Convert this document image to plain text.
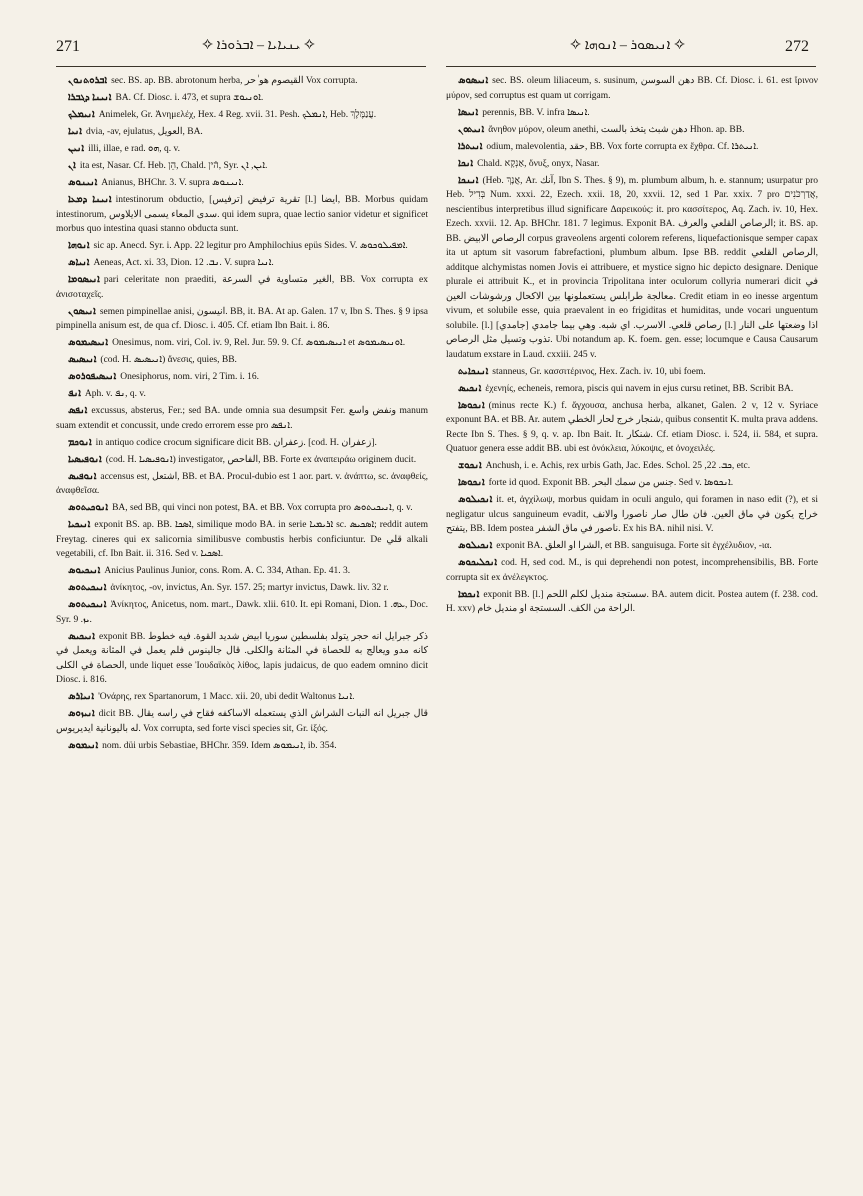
271	✧ ܝܢܝܐܝܐ – ܐܒܪܘܪܐ ✧	✧ ܐܢܝܣܘܪ – ܐܢܘܗܐ ✧	272

ܐܒܪܘܬܢܘܢ sec. BS. ap. BB. abrotonum herba, القيصوم هو ٰحر Vox corrupta.

ܐܢܝܢܐ ܕܓܒܪܐ BA. Cf. Diosc. i. 473, et supra ܐܘܢܝܘܫ.

ܐܢܝܡܠܟ Animelek, Gr. Ἀνημελέχ, Hex. 4 Reg. xvii. 31. Pesh. ܐܢܡܠܟ, Heb. עֲנַמֶּלֶךְ.

ܐܢܝܐ dvia, -av, ejulatus, العويل, BA.

ܐܢܝܢ illi, illae, e rad. ܗܘ, q. v.

ܐܢ ita est, Nasar. Cf. Heb. הֵן, Chald. הֿין, Syr. ܐܝܢ, ܐܢ.

ܐܢܝܢܘܣ Anianus, BHChr. 3. V. supra ܐܢܝܢܘܣ.

ܐܢܝܢܐ ܕܡܥܐ intestinorum obductio, تقرية ترفيض [ترفيس] [l.] ايضا, BB. Morbus quidam intestinorum, سدى المعاء يسمى الايلاوس. qui idem supra, quae lectio sanior videtur et significet morbus quo intestina quasi stanno obducta sunt.

ܐܢܘܗܐ sic ap. Anecd. Syr. i. App. 22 legitur pro Amphilochius epüs Sides. V. ܐܡܦܝܠܘܟܘܣ.

ܐܢܝܐܣ Aeneas, Act. xi. 33, Dion. ܢܒ. 12. V. supra ܐܢܝܐ.

ܐܢܝܣܘܡܐ pari celeritate non praediti, الغير متساوية في السرعة, BB. Vox corrupta ex ἀνισοταχεῖς.

ܐܢܝܣܘܢ semen pimpinellae anisi, انيسون. BB, it. BA. At ap. Galen. 17 v, Ibn S. Thes. § 9 ipsa pimpinella anisum est, de qua cf. Diosc. i. 405. Cf. etiam Ibn Bait. i. 86.

ܐܢܝܣܝܡܘܣ Onesimus, nom. viri, Col. iv. 9, Rel. Jur. 59. 9. Cf. ܐܢܝܣܝܡܘܣ et ܐܘܢܝܣܝܡܘܣ.

ܐܢܝܣܝܣ (cod. H. ܐܢܝܣܝܣ) ἄνεσις, quies, BB.

ܐܢܝܣܝܦܘܪܘܣ Onesiphorus, nom. viri, 2 Tim. i. 16.

ܐܢܦ Aph. v. ܢܦ, q. v.

ܐܢܦܣ excussus, absterus, Fer.; sed BA. unde omnia sua desumpsit Fer. ونفض واسع manum suam extendit et concussit, unde credo errorem esse pro ܐܢܦܣ.

ܐܢܘܟܡ in antiquo codice crocum significare dicit BB. زعفران. [cod. H. زعفران].

ܐܢܘܦܝܣܝܐ (cod. H. ܐܢܘܦܝܣܝܐ) investigator, الفاحص, BB. Forte ex ἀναπειράω originem ducit.

ܐܢܘܦܝܣ accensus est, اشتعل, BB. et BA. Procul-dubio est 1 aor. part. v. ἀνάπτω, sc. ἀναφθείς, ἀναφθεῖσα.

ܐܢܘܟܝܬܘܣ BA, sed BB, qui vinci non potest, BA. et BB. Vox corrupta pro ܐܢܝܟܝܬܘܣ, q. v.

ܐܢܝܟܝܐ exponit BS. ap. BB. ܐܣܟܐ, similique modo BA. in serie ܐܪܝܡܝܐ sc. ܐܣܟܝܣ; reddit autem Freytag. cineres qui ex salicornia similibusve combustis herbis conficiuntur. De قلي alkali vegetabili, cf. Ibn Bait. ii. 316. Sed v. ܐܣܟܝܐ.

ܐܢܝܟܝܘܣ Anicius Paulinus Junior, cons. Rom. A. C. 334, Athan. Ep. 41. 3.

ܐܢܝܟܝܬܘܣ ἀνίκητος, -ον, invictus, An. Syr. 157. 25; martyr invictus, Dawk. liv. 32 r.

ܐܢܝܟܝܬܘܣ Ἀνίκητος, Anicetus, nom. mart., Dawk. xlii. 610. It. epi Romani, Dion. ܥܗ. 1, Doc. Syr. ܝܙ. 9.

ܐܢܝܟܝܣ exponit BB. ذكر جبرايل انه حجر يتولد بفلسطين سوريا ابيض شديد القوة. فيه خطوط كانه مدو ويعالج به للحصاة في المثانة والكلى. قال جالينوس فلم يعمل في المثانة ويعمل في الحصاة في الكلى, unde liquet esse Ἰουδαϊκὸς λίθος, lapis judaicus, de quo eadem omnino dicit Diosc. i. 816.

ܐܢܝܐܪܣ 'Ονάρης, rex Spartanorum, 1 Macc. xii. 20, ubi dedit Waltonus ܐܢܝܐ.

ܐܢܝܙܘܣ dicit BB. قال جبريل انه النبات الشراش الذي يستعمله الاساكفه فقاح في راسه يقال له باليونانية ايديريوس. Vox corrupta, sed forte visci species sit, Gr. ἰξός.

ܐܢܝܡܘܣ nom. düi urbis Sebastiae, BHChr. 359. Idem ܐܢܝܡܘܣ, ib. 354.

ܐܢܝܣܘܣ sec. BS. oleum liliaceum, s. susinum, دهن السوسن BB. Cf. Diosc. i. 61. est ἴρινον μύρον, sed corruptus est quam ut corrigam.

ܐܢܝܣܐ perennis, BB. V. infra ܐܢܝܣܐ.

ܐܢܝܬܘܢ ἄνηθον μύρον, oleum anethi, دهن شبث يتخذ بالست Hhon. ap. BB.

ܐܢܝܬܪܐ odium, malevolentia, حقد, BB. Vox forte corrupta ex ἔχθρα. Cf. ܐܢܝܬܪܐ.

ܐܢܟܐ Chald. אַנְקָא, ὄνυξ, onyx, Nasar.

ܐܢܢܟܐ (Heb. אֲנָךְ, Ar. آنك, Ibn S. Thes. § 9), m. plumbum album, h. e. stannum; usurpatur pro Heb. בְּדִיל Num. xxxi. 22, Ezech. xxii. 18, 20, xxvii. 12, sed 1 Par. xxix. 7 pro אֲדַרְכֹּנִים, nescientibus interpretibus illud significare Δαρεικούς: it. pro κασσίτερος, Aq. Zach. iv. 10, Hex. Ezech. xxvii. 12. Ap. BHChr. 181. 7 legimus. Exponit BA. الرصاص القلعي والعرف; it. BS. ap. BB. الرصاص الابيض corpus graveolens argenti colorem referens, liquefactionisque semper capax ita ut aptum sit vasorum fabrefactioni, plumbum album. Ipse BB. reddit الرصاص القلعي, additque alchymistas nomen Jovis ei attribuere, et mystice signo hic depicto designare. Denique plurale ei attribuit K., et in provincia Tripolitana inter oculorum collyria numerari dicit في معالجة طرابلس يستعملونها بين الاكحال ورشوشات العين. Credit etiam in eo inesse argentum vivum, et solubile esse, quia praevalent in eo frigiditas et humiditas, unde vocari unguentum solubile. [l.] رصاص قلعي. الاسرب. اي شبه. وهي بيما جامدي [جامدي] [l.] اذا وضعتها على النار تذوب وتسيل مثل الرصاص. Ubi notandum ap. K. foem. gen. esse; locumque e Causa Causarum laudatum exstare in Laud. cxxiii. 245 v.

ܐܢܢܟܐܝܬ stanneus, Gr. κασσιτέρινος, Hex. Zach. iv. 10, ubi foem.

ܐܢܟܝܣ ἐχενηίς, echeneis, remora, piscis qui navem in ejus cursu retinet, BB. Scribit BA.

ܐܢܟܘܣܐ (minus recte K.) f. ἄγχουσα, anchusa herba, alkanet, Galen. 2 v, 12 v. Syriace exponunt BA. et BB. Ar. autem شنجار خرج لحار الخطي, quibus consentit K. multa prava addens. Recte Ibn S. Thes. § 9, q. v. ap. Ibn Bait. It. شنكار. Cf. etiam Diosc. i. 524, ii. 584, et supra. Quatuor genera esse addit BB. ubi est ὀνόκλεια, λύκοψις, et ὀνοχειλές.

ܐܢܟܘܫ Anchush, i. e. Achis, rex urbis Gath, Jac. Edes. Schol. ܟܒ. 22, 25, etc.

ܐܢܟܘܣܐ forte id quod. Exponit BB. جنس من سمك البحر. Sed v. ܐܢܟܘܣܐ.

ܐܢܟܝܠܘܣ it. et, ἀγχίλωψ, morbus quidam in oculi angulo, qui foramen in naso edit (?), et si negligatur ulcus sanguineum evadit, خراج يكون في ماق العين. فان طال صار ناصورا والانف يتفتح, BB. Idem postea ناصور في ماق الشفر. Ex his BA. nihil nisi. V.

ܐܢܟܝܠܘܣ exponit BA. الشرا او العلق, et BB. sanguisuga. Forte sit ἐγχέλυδιον, -ια.

ܐܢܟܠܝܟܘܣ cod. H, sed cod. M., is qui deprehendi non potest, incomprehensibilis, BB. Forte corrupta sit ex ἀνέλεγκτος.

ܐܢܟܡܐ exponit BB. [l.] سستجة منديل لكلم اللحم. BA. autem dicit. Postea autem (f. 238. cod. H. xxv) الراحة من الكف. السستجة او منديل خام.
